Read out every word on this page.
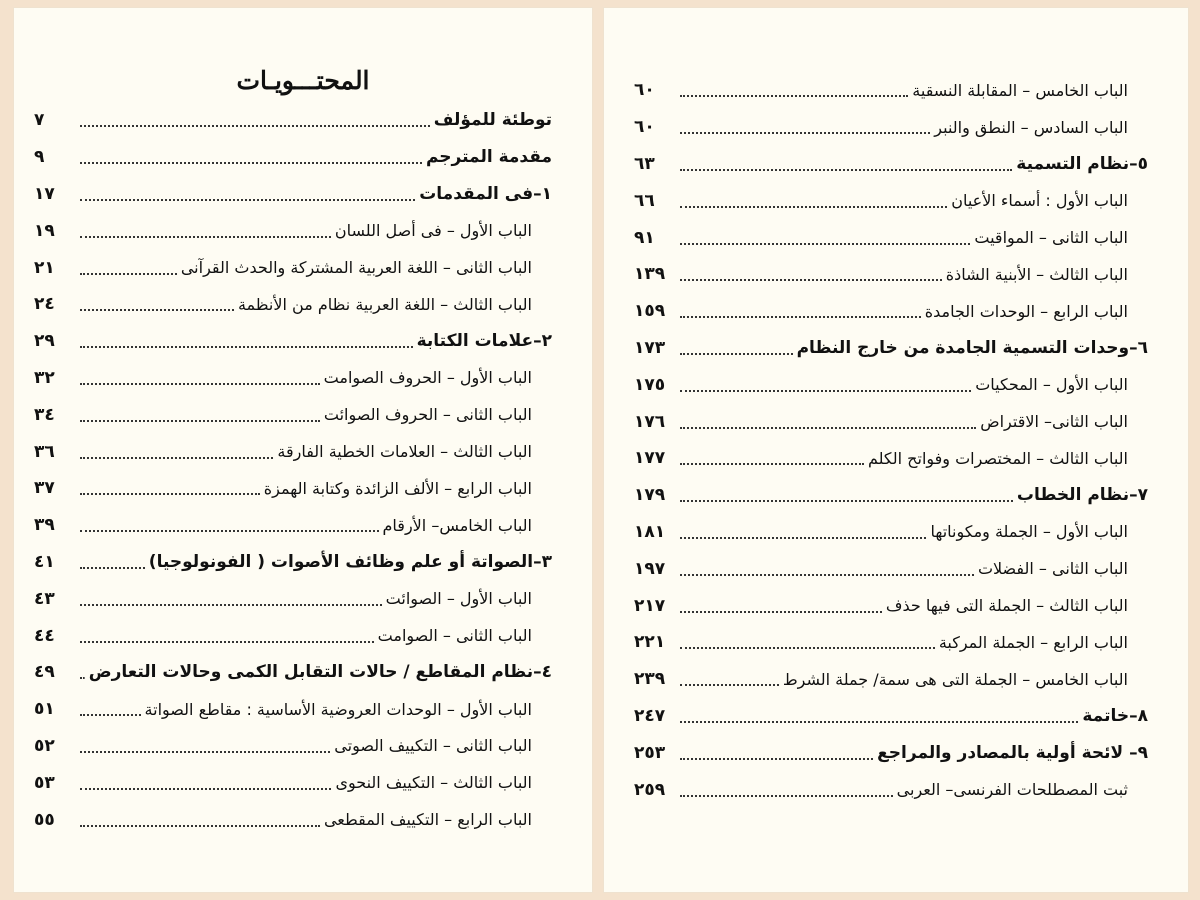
المحتـــويـات
توطئة للمؤلف
٧
مقدمة المترجم
٩
١–فى المقدمات
١٧
الباب الأول – فى أصل اللسان
١٩
الباب الثانى – اللغة العربية المشتركة والحدث القرآنى
٢١
الباب الثالث – اللغة العربية نظام من الأنظمة
٢٤
٢–علامات الكتابة
٢٩
الباب الأول – الحروف الصوامت
٣٢
الباب الثانى – الحروف الصوائت
٣٤
الباب الثالث – العلامات الخطية الفارقة
٣٦
الباب الرابع – الألف الزائدة وكتابة الهمزة
٣٧
الباب الخامس– الأرقام
٣٩
٣–الصواتة أو علم وظائف الأصوات ( الفونولوجيا)
٤١
الباب الأول – الصوائت
٤٣
الباب الثانى – الصوامت
٤٤
٤–نظام المقاطع / حالات التقابل الكمى وحالات التعارض
٤٩
الباب الأول – الوحدات العروضية الأساسية : مقاطع الصواتة
٥١
الباب الثانى – التكييف الصوتى
٥٢
الباب الثالث – التكييف النحوى
٥٣
الباب الرابع – التكييف المقطعى
٥٥
الباب الخامس – المقابلة النسقية
٦٠
الباب السادس – النطق والنبر
٦٠
٥–نظام التسمية
٦٣
الباب الأول : أسماء الأعيان
٦٦
الباب الثانى – المواقيت
٩١
الباب الثالث – الأبنية الشاذة
١٣٩
الباب الرابع – الوحدات الجامدة
١٥٩
٦–وحدات التسمية الجامدة من خارج النظام
١٧٣
الباب الأول – المحكيات
١٧٥
الباب الثانى– الاقتراض
١٧٦
الباب الثالث – المختصرات وفواتح الكلم
١٧٧
٧–نظام الخطاب
١٧٩
الباب الأول – الجملة ومكوناتها
١٨١
الباب الثانى – الفضلات
١٩٧
الباب الثالث – الجملة التى فيها حذف
٢١٧
الباب الرابع – الجملة المركبة
٢٢١
الباب الخامس – الجملة التى هى سمة/ جملة الشرط
٢٣٩
٨–خاتمة
٢٤٧
٩– لائحة أولية بالمصادر والمراجع
٢٥٣
ثبت المصطلحات الفرنسى– العربى
٢٥٩
